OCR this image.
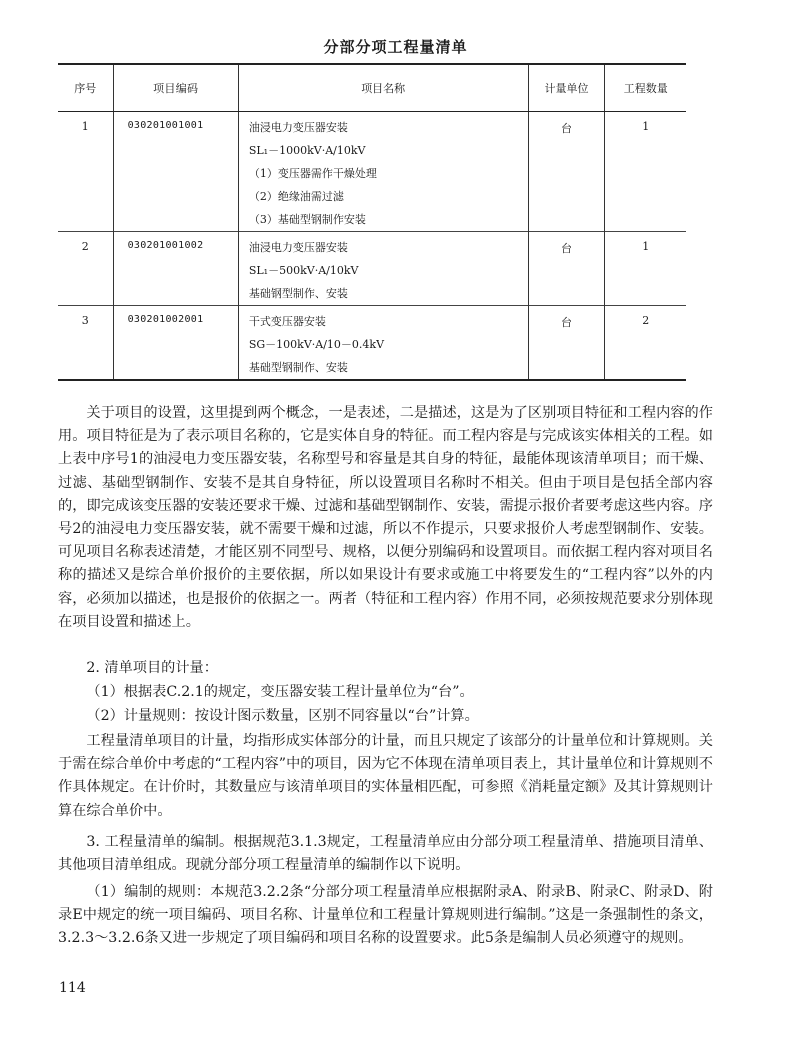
分部分项工程量清单
序号	项目编码	项目名称	计量单位	工程数量
1	030201001001	油浸电力变压器安装
SL₁－1000kV·A/10kV
（1）变压器需作干燥处理
（2）绝缘油需过滤
（3）基础型钢制作安装	台	1
2	030201001002	油浸电力变压器安装
SL₁－500kV·A/10kV
基础钢型制作、安装	台	1
3	030201002001	干式变压器安装
SG－100kV·A/10－0.4kV
基础型钢制作、安装	台	2

关于项目的设置，这里提到两个概念，一是表述，二是描述，这是为了区别项目特征和工程内容的作用。项目特征是为了表示项目名称的，它是实体自身的特征。而工程内容是与完成该实体相关的工程。如上表中序号1的油浸电力变压器安装，名称型号和容量是其自身的特征，最能体现该清单项目；而干燥、过滤、基础型钢制作、安装不是其自身特征，所以设置项目名称时不相关。但由于项目是包括全部内容的，即完成该变压器的安装还要求干燥、过滤和基础型钢制作、安装，需提示报价者要考虑这些内容。序号2的油浸电力变压器安装，就不需要干燥和过滤，所以不作提示，只要求报价人考虑型钢制作、安装。可见项目名称表述清楚，才能区别不同型号、规格，以便分别编码和设置项目。而依据工程内容对项目名称的描述又是综合单价报价的主要依据，所以如果设计有要求或施工中将要发生的“工程内容”以外的内容，必须加以描述，也是报价的依据之一。两者（特征和工程内容）作用不同，必须按规范要求分别体现在项目设置和描述上。

2. 清单项目的计量：

（1）根据表C.2.1的规定，变压器安装工程计量单位为“台”。

（2）计量规则：按设计图示数量，区别不同容量以“台”计算。

工程量清单项目的计量，均指形成实体部分的计量，而且只规定了该部分的计量单位和计算规则。关于需在综合单价中考虑的“工程内容”中的项目，因为它不体现在清单项目表上，其计量单位和计算规则不作具体规定。在计价时，其数量应与该清单项目的实体量相匹配，可参照《消耗量定额》及其计算规则计算在综合单价中。

3. 工程量清单的编制。根据规范3.1.3规定，工程量清单应由分部分项工程量清单、措施项目清单、其他项目清单组成。现就分部分项工程量清单的编制作以下说明。

（1）编制的规则：本规范3.2.2条“分部分项工程量清单应根据附录A、附录B、附录C、附录D、附录E中规定的统一项目编码、项目名称、计量单位和工程量计算规则进行编制。”这是一条强制性的条文，3.2.3～3.2.6条又进一步规定了项目编码和项目名称的设置要求。此5条是编制人员必须遵守的规则。

114
